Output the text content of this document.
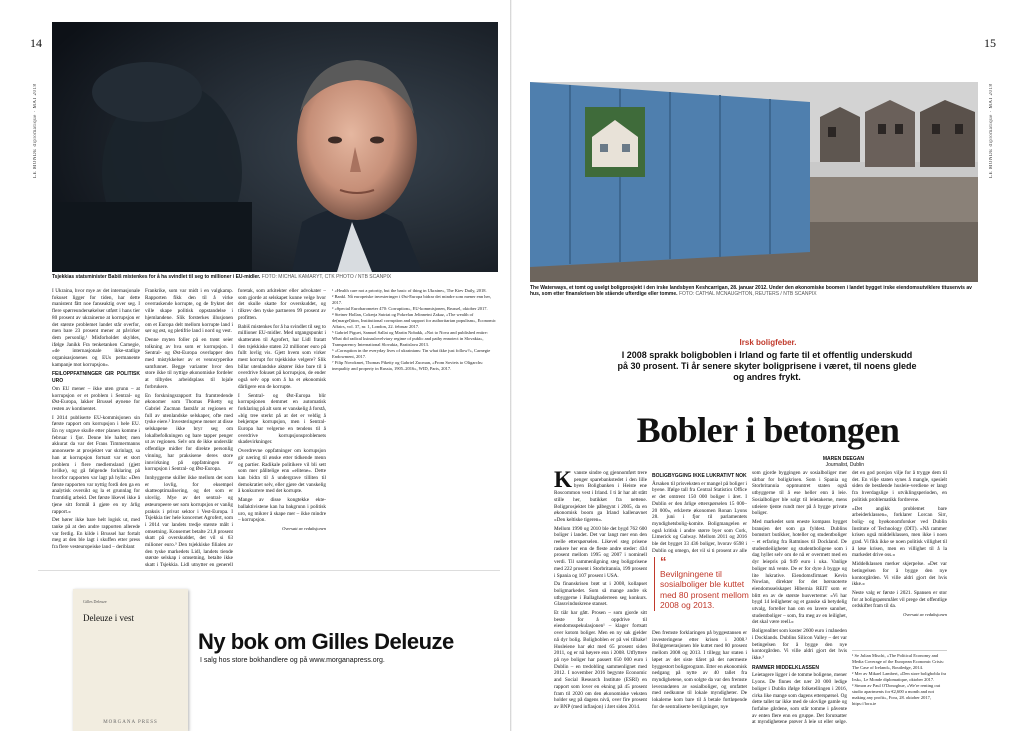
14
LE MONDE diplomatique · MAI 2018
Tsjekkias statsminister Babiš mistenkes for å ha svindlet til seg to millioner i EU-midler. FOTO: MICHAL KAMARYT, CTK PHOTO / NTB SCANPIX

I Ukraina, hvor mye av det internasjonale fokuset ligger for tiden, har dette manistent fått noe fanseaktig over seg. I flere spørreundersøkelser utført i hans tier 80 prosent av ukrainerne at korrupsjon er det største problemet landet står overfor, men bare 23 prosent mener at påvirker dem personlig.¹ Misforholdet skyldes, ifølge Janikk Fra tenketanken Carnegie, «de internasjonale ikke-statlige organisasjonenes og EUs permanente kampanje mot korrupsjon».

FEILOPPFATNINGER GIR POLITISK URO

Om EU mener – ikke uten grunn – at korrupsjon er et problem i Sentral- og Øst-Europa, lakker Brussel øynene for resten av kontinentet.

I 2014 publiserte EU-kommisjonen sin første rapport om korrupsjon i hele EU. En ny utgave skulle etter planen komme i februar i fjor. Denne ble haltet; men akkurat da var det Frans Timmermanns annonserte at prosjektet var skrinlagt, sa han at korrupsjon fortsatt var et stort problem i flere medlemsland (gjett hvilke), og gå følgende forklaring på hvorfor rapporten var lagt på hylla: «Den første rapporten var nyttig fordi den ga en analytisk oversikt og la et grunnlag for framtidig arbeid. Det første likevel ikke å tjene sitt formål å gjøre en ny årlig rapport.»

Det hører ikke bare helt logisk ut, med tanke på at den andre rapporten allerede var ferdig. En kilde i Brussel har fortalt meg at den ble lagt i skuffen etter press fra flere vesteuropeiske land – deriblant

Frankrike, som var midt i en valgkamp. Rapporten fikk den til å virke overraskende korrupte, og de fryktet det ville skape politisk oppstandelse i hjemlandene. Slik forsterkes illusjonen om et Europa delt mellom korrupte land i sør og øst, og pletifrie land i nord og vest.

Denne myten foller på en trønt seier tolkning av hva som er korrupsjon. I Sentral- og Øst-Europa overlapper den med mistykkelser av et vennsryperike samfunnet. Begge varianter hvor den store ikke til nyttige økonomiske fordeler at tilbydes arbeidsplass til lojale forbrukere.

En forskningsrapport fra framtredende økonomer som Thomas Piketty og Gabriel Zucman fastslår at regionen er full av utenlandske selskaper, ofte med tyske eiere.² Investeringene mener at disse selskapene ikke bryr seg om lokalbefolkningen og bare tapper penger ut av regionen. Selv om de ikke underslår offentlige midler for direkte personlig vinning, har praksisene deres store innvirkning på oppfatningen av korrupsjon i Sentral- og Øst-Europa.

Innbyggerne skiller ikke mellom det som er lovlig, for eksempel skatteoptimalisering, og det som er ulovlig. Mye av det sentral- og østeuropeere ser som korrupsjon er vanlig praksis i privat sektor i Vest-Europa. I Tsjekkia tier hele koncernet Agrofert, som i 2014 var landets tredje største målt i omsetning. Konsernet betalte 21,8 prosent skatt på overskuddet, det vil si 63 milioner euro.³ Den tsjekkiske filialen av den tyske markedets Lidl, landets tiende største selskap i omsetning, betalte ikke skatt i Tsjekkia. Lidl utnytter en generell

foretak, som arkitekter eller advokater – som gjorde at selskapet kunne velge hvor det skulle skatte for overskuddet, og tilkrev den tyske partneren 99 prosent av profitten.

Babiš mistenkes for å ha svindlet til seg to millioner EU-midler. Med utgangspunkt i skatteraten til Agrofert, har Lidl fratatt den tsjekkiske staten 22 millioner euro på fullt lovlig vis. Gjett hvem som virker mest korrupt for tsjekkiske velgere? Slik billar utenlandske aktører ikke bare til å overdrive fokuset på korrupsjon, de ender også selv opp som å ha et økonomisk dårligere enn de korrupte.

I Sentral- og Øst-Europa blir korrupsjonen demmet en automatisk forklaring på alt som er vanskelig å forstå, «big tree sterkt på at det er veldig å bekjempe korrupsjon, men i Sentral-Europa har velgerne en tendens til å overdrive korrupsjonsproblemets skadevirkninger.

Overdrevne oppfatninger om korrupsjon gir næring til ønske etter tidkende menn og partier. Radikale politikere vil bli sett som mer pålitelige enn «elitene». Dette kan bidra til å undergrave tilliten til demokratiet selv, eller gjøre det vanskelig å konkurrere med det korrupte.

Mange av disse kongtekke ekte-ballaktivistene kan ha bakgrunn i politisk uro, og mikrer å skape mer – ikke mindre – korrupsjon.

Oversatt av redaksjonen
¹ «Health care not a priority, but the basic of thing in Ukraine», The Kiev Daily, 2018.
² Bankl. Nå europeiske investeringer i Øst-Europa bidrar det mindre som mener enn her, 2017.
³ «Special Eurobarometer 470: Corruption», EU-kommisjonen, Brussel, oktober 2017.
⁴ Steiner Hollan, Cokerja Sutriat og Pokrelan Jelinnetni Zakaz, «The wealth of de(margel)tion, Institutional corruption and support for authoritarian populism», Economic Affairs, vol. 37, nr. 1, London, 22. februar 2017.
⁵ Gabriel Piguet, Samuel Sallat og Martin Nobakk, «Not to Nova and published entire: What did radical ksinaslovelvtary regime of public and pathy ennotect in Slovakia», Transparency International Slovakia, Bratislava 2013.
⁶ «Corruption in the everyday lives of ukrainians: Tin what ikke just follow?», Carnegie Endowment, 2017.
⁷ Filip Novokmet, Thomas Piketty og Gabriel Zucman, «From Soviets to Oligarchs: inequality and property in Russia, 1905–2016», WID, Paris, 2017.
Gilles Deleuze
Deleuze i vest
MORGANA PRESS
Ny bok om Gilles Deleuze
I salg hos store bokhandlere og på www.morganapress.org.
15
LE MONDE diplomatique · MAI 2018
The Waterways, et tomt og uselgt boligprosjekt i den irske landsbyen Keshcarrigan, 28. januar 2012. Under den økonomiske boomen i landet bygget irske eiendomsutviklere titusenvis av hus, som etter finanskrisen ble stående ufterdige eller tomme. FOTO: CATHAL MCNAUGHTON, REUTERS / NTB SCANPIX
Irsk boligfeber.
I 2008 sprakk boligboblen i Irland og farte til et offentlig underskudd på 30 prosent. Ti år senere skyter boligprisene i været, til noens glede og andres frykt.
Bobler i betongen
MAREN DEEGAN
Journalist, Dublin

Kvanste sindre og gjennomført trere penger sparebankstedet i den lille byen Boligbanken i Heiste ene Roscommon vest i Irland. I ti år har alt stått stille her, butikket fra nettene. Boligprosjektet ble påbegynt i 2005, da en økonomisk boom ga Irland kallenavnet «Den keltiske tigeren».

Mellom 1990 og 2010 ble det bygd 762 600 boliger i landet. Det var langt mer enn den reelle etterspørselen. Likevel steg prisene raskere her enn de fleste andre steder: 434 prosent mellom 1995 og 2007 i nominell verdi. Til sammenligning steg boligprisene med 222 prosent i Storbritannia, 199 prosent i Spania og 107 prosent i USA.

Da finanskrisen brøt ut i 2008, kollapset boligmarkedet. Som så mange andre sk utbyggerne i Ballaghaderreen seg konkurs. Glassvinduskrene stanset.

Et tiår har gått. Prosen – som gjorde sitt beste for å oppdrive til eiendomsspekulasjonen¹ – klager fortsatt over kotom boliger. Men en ny sak gjelder nå dyr bolig. Boligboblen er på vei tilbake! Husleiene har økt med 65 prosent siden 2011, og er nå høyere enn i 2008. Utflyttere på nye boliger har passert 650 000 euro i Dublin – en tredobling sammenlignet med 2012. I november 2016 begynte Economic and Social Research Institute (ESRI) en rapport som lover en ekning på 45 prosent fram til 2020 om den økonomiske veksten holder seg på dagens nivå, over fire prosent av BNP (med inflasjon) i året siden 2014.

BOLIGBYGGING IKKE LUKRATIVT NOK

Årsaken til prisveksten er mangel på boliger i byene. Ifølge tall fra Central Statistics Office er det omtrent 150 000 boliger i året. I Dublin er den årlige etterspørselen 15 000–20 000», erklærte økonomen Ronan Lyons 28. juni i fjor til parlamentets myndighetsbolig-komite. Boligmangelen er også kritisk i andre større byer som Cork, Limerick og Galway. Mellom 2011 og 2016 ble det bygget 33 436 boliger, hvorav 6598 i Dublin og omegn, det vil si ti prosent av alle

“
Bevilgningene til sosialboliger ble kuttet med 80 prosent mellom 2008 og 2013.

Den fremste forklaringen på byggestansen er investeringene etter krisen i 2008.² Boliggenerasjonen ble kuttet med 80 prosent mellom 2008 og 2013. I tillegg har staten i løpet av det siste tiåret på det nærmeste byggestort boligprogram. Etter en økonomisk nedgang på nytte av 40 tallet fra myndighetene, som solgte da var den fremste leverandøren av sosialboliger, og omfattet med nedkunne til lokale myndigheter. De lokalerne kom bare til å betale fortløpende for de sentraliserte bevilgninger, nye

som gjorde byggingen av sosialboliger mer sårbar for boligkrisen. Som i Spania og Storbritannia oppmuntret staten også utbyggerne til å ese heller enn å leie. Sosialboliger ble solgt til leietakerne, mens utleiere tjente rundt mer på å bygge private boliger.

Med markedet som eneste kompass bygget bransjen det som ga fyldest. Dublins bomstort butikker, hoteller og studentboliger – et erfaring fra Ratmines til Dockland. De studentleiligheter og studentboligene som i dag hyllet selv om de nå er overmett med en dyr leiepris på 949 euro i uka. Vanlige boliger må vente. De er for dyre å bygge og lite lukrative. Eiendomsfirmaet Kevin Nowlan, direktør for det børsnoterte eiendomsselskapet Hibernia REIT som er blitt en av de største husverterne: «Vi har bygd 14 leiligheter og et ganske så betydelig utvalg, forteller han om en lavere sannhet, studentboliger – som, fra meg av en leilighet, det skal være reell.»

Boligrealitet som koster 2600 euro i måneden i Docklands. Dublins Silicon Valley – det var betingelsen for å bygge den nye kontorgården. Vi ville aldri gjort det hvis ikke.³

RAMMER MIDDELKLASSEN

Leietagere ligger i de tomme boligene, mener Lyons. De finnes det nær 20 000 ledige boliger i Dublin ifølge folketellingen i 2016, cirka like mange som dagens etterspørsel. Og dette tallet tar ikke med de ulovlige gamle og forfalne gårdene, som står tomme i påvente av enten flere enn en gruppe. Det forutsatter at myndighetene prøver å leie ut eller selge.

det en god porsjon vilje for å trygge dem til det. En vilje staten synes å mangle, spesielt siden de bestående husleie-verdiene er langt fra hverdagslige i utviklingsperioden, en politisk problematikk fordrevne.

«Det angikk problemet bare arbeiderklassen», forklarer Lorcan Sirr, bolig- og byøkonomforsker ved Dublin Institute of Technology (DIT). «Nå rammer krisen også middelklassen, men ikke i noen grad. Vi fikk ikke se noen politisk villighet til å løse krisen, men en villighet til å la markedet drive oss.»

Middelklassen merker skjerpelse. «Det var betingelsen for å bygge den nye kontorgården. Vi ville aldri gjort det hvis ikke.»

Neste valg er første i 2021. Spansen er stor for at boligspørsmålet vil prege det offentlige ordskiftet fram til da.

Oversatt av redaksjonen
¹ Se Julian Mischi, «The Political Economy and Media Coverage of the European Economic Crisis: The Case of Ireland», Routledge, 2014.
² Mer av Mikael Lambert, «Den store boligbobla fra Irsk», Le Monde diplomatique, oktober 2017.
³ Simon av Paul O'Donoghue, «We're renting out studio apartments for €2,600 a month and not making any profit», Fora, 28. oktober 2017, https://fora.ie
